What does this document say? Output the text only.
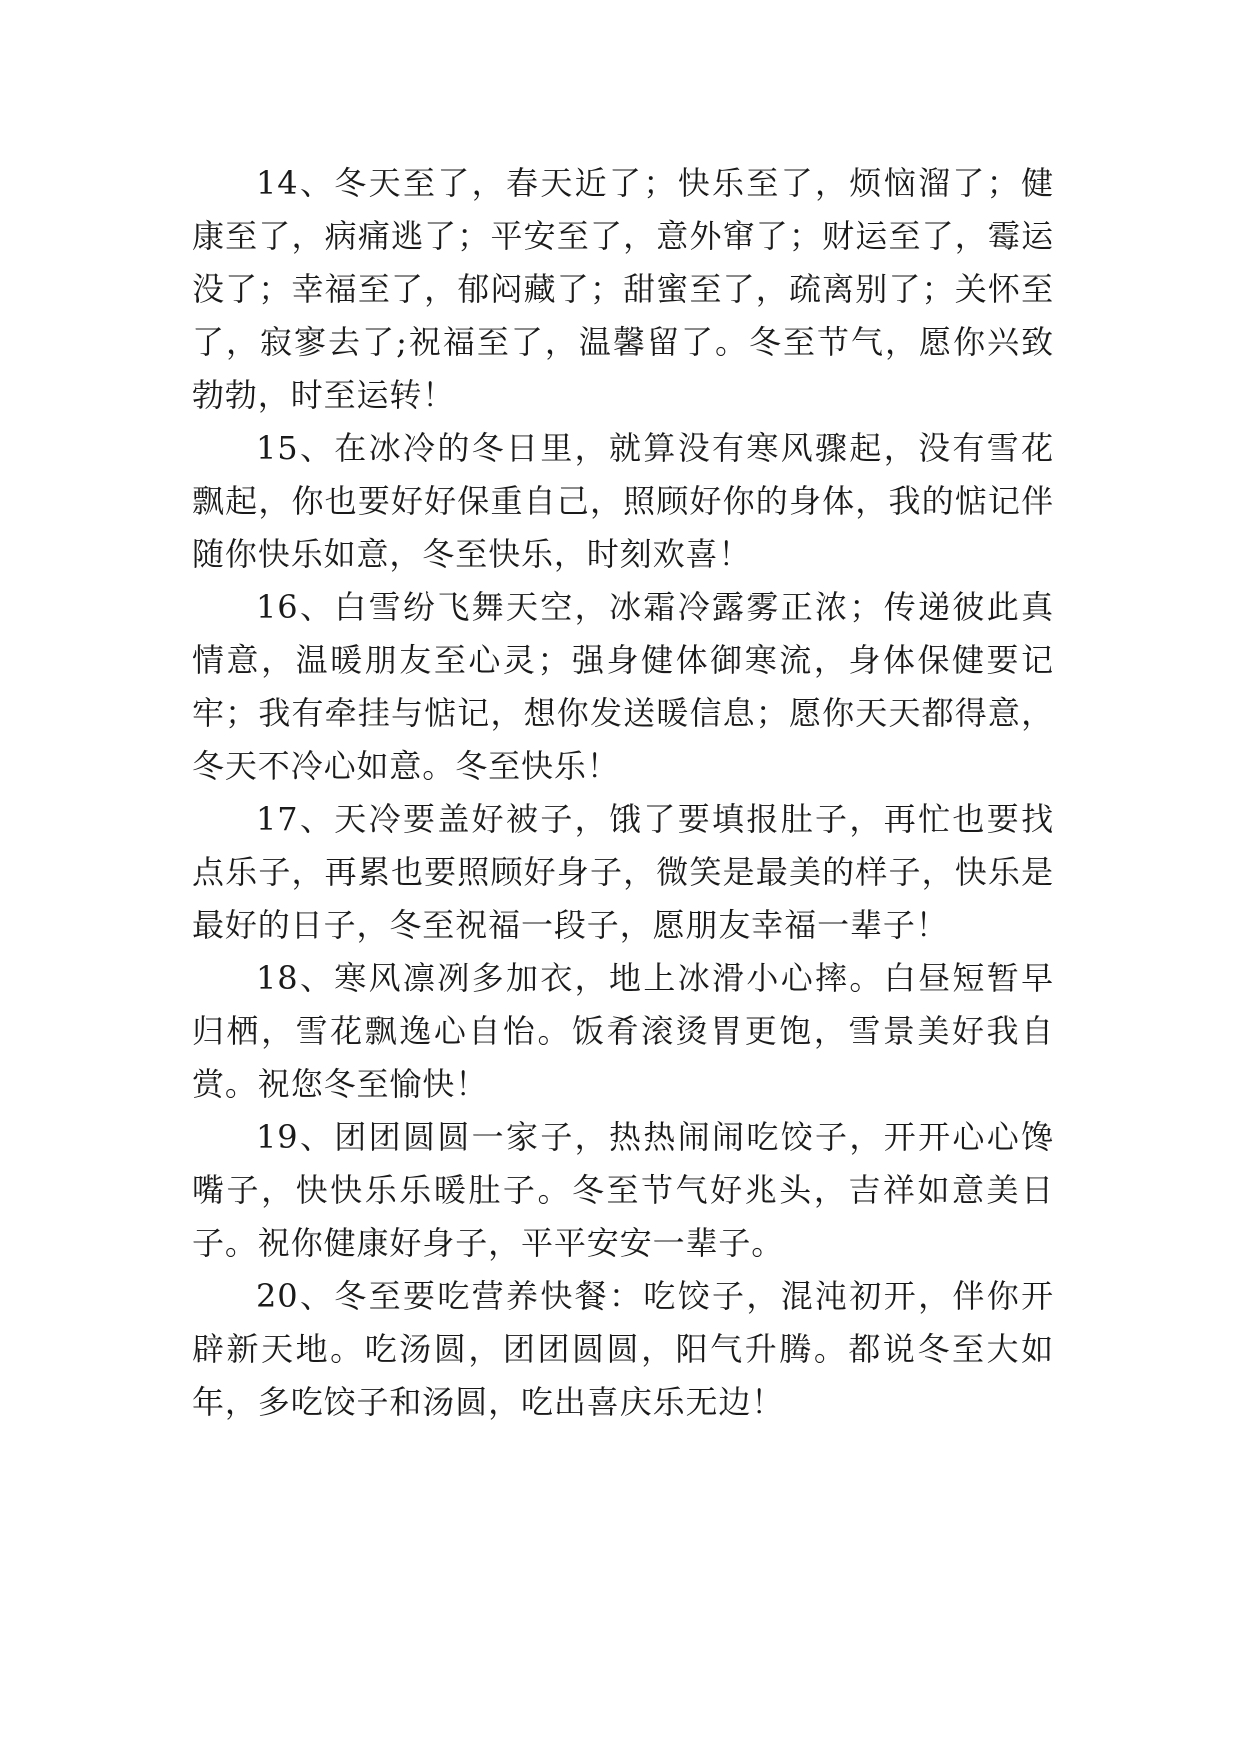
14、冬天至了，春天近了；快乐至了，烦恼溜了；健康至了，病痛逃了；平安至了，意外窜了；财运至了，霉运没了；幸福至了，郁闷藏了；甜蜜至了，疏离别了；关怀至了，寂寥去了;祝福至了，温馨留了。冬至节气，愿你兴致勃勃，时至运转！

15、在冰冷的冬日里，就算没有寒风骤起，没有雪花飘起，你也要好好保重自己，照顾好你的身体，我的惦记伴随你快乐如意，冬至快乐，时刻欢喜！

16、白雪纷飞舞天空，冰霜冷露雾正浓；传递彼此真情意，温暖朋友至心灵；强身健体御寒流，身体保健要记牢；我有牵挂与惦记，想你发送暖信息；愿你天天都得意，冬天不冷心如意。冬至快乐！

17、天冷要盖好被子，饿了要填报肚子，再忙也要找点乐子，再累也要照顾好身子，微笑是最美的样子，快乐是最好的日子，冬至祝福一段子，愿朋友幸福一辈子！

18、寒风凛冽多加衣，地上冰滑小心摔。白昼短暂早归栖，雪花飘逸心自怡。饭肴滚烫胃更饱，雪景美好我自赏。祝您冬至愉快！

19、团团圆圆一家子，热热闹闹吃饺子，开开心心馋嘴子，快快乐乐暖肚子。冬至节气好兆头，吉祥如意美日子。祝你健康好身子，平平安安一辈子。

20、冬至要吃营养快餐：吃饺子，混沌初开，伴你开辟新天地。吃汤圆，团团圆圆，阳气升腾。都说冬至大如年，多吃饺子和汤圆，吃出喜庆乐无边！
